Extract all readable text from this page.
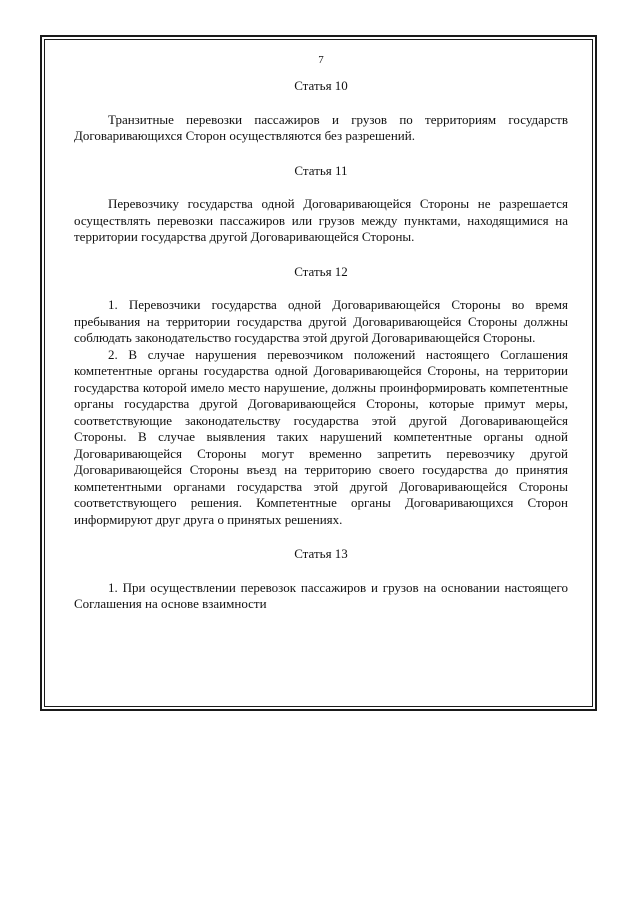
7

Статья 10

Транзитные перевозки пассажиров и грузов по территориям государств Договаривающихся Сторон осуществляются без разрешений.

Статья 11

Перевозчику государства одной Договаривающейся Стороны не разрешается осуществлять перевозки пассажиров или грузов между пунктами, находящимися на территории государства другой Договаривающейся Стороны.

Статья 12

1. Перевозчики государства одной Договаривающейся Стороны во время пребывания на территории государства другой Договаривающейся Стороны должны соблюдать законодательство государства этой другой Договаривающейся Стороны.

2. В случае нарушения перевозчиком положений настоящего Соглашения компетентные органы государства одной Договаривающейся Стороны, на территории государства которой имело место нарушение, должны проинформировать компетентные органы государства другой Договаривающейся Стороны, которые примут меры, соответствующие законодательству государства этой другой Договаривающейся Стороны. В случае выявления таких нарушений компетентные органы одной Договаривающейся Стороны могут временно запретить перевозчику другой Договаривающейся Стороны въезд на территорию своего государства до принятия компетентными органами государства этой другой Договаривающейся Стороны соответствующего решения. Компетентные органы Договаривающихся Сторон информируют друг друга о принятых решениях.

Статья 13

1. При осуществлении перевозок пассажиров и грузов на основании настоящего Соглашения на основе взаимности
